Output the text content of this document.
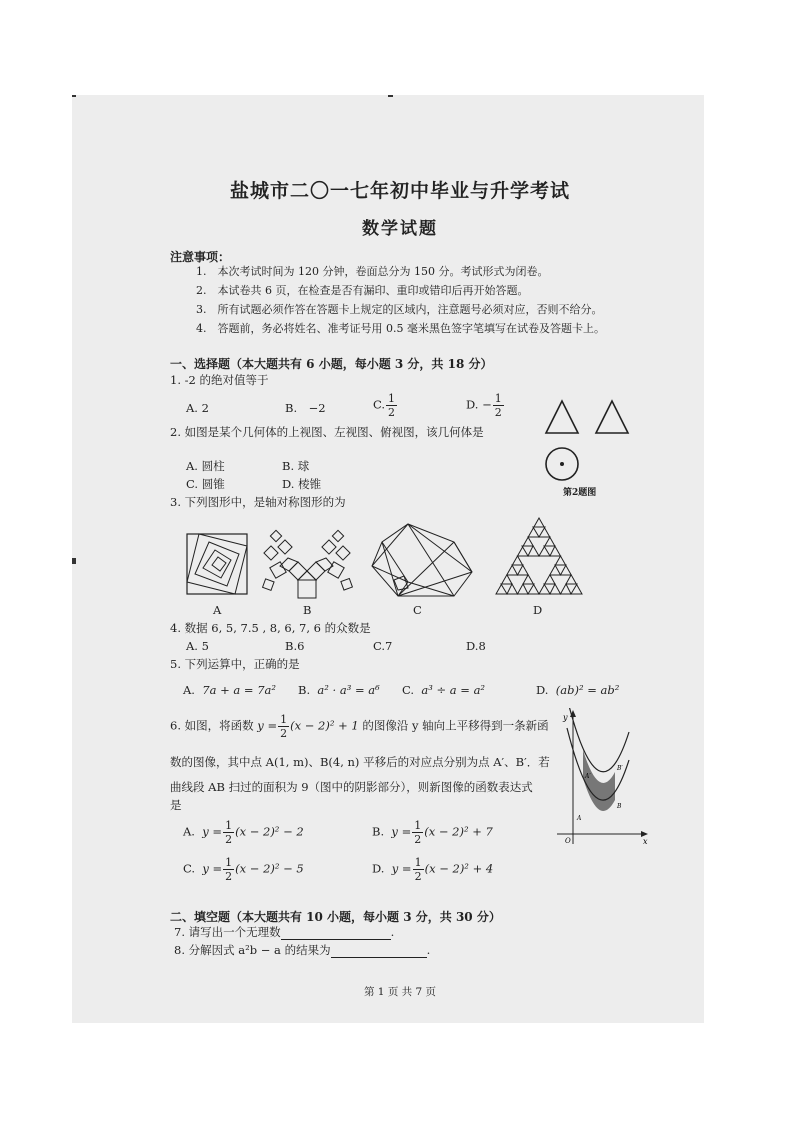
盐城市二〇一七年初中毕业与升学考试
数学试题
注意事项：
1.　本次考试时间为 120 分钟，卷面总分为 150 分。考试形式为闭卷。
2.　本试卷共 6 页，在检查是否有漏印、重印或错印后再开始答题。
3.　所有试题必须作答在答题卡上规定的区域内，注意题号必须对应，否则不给分。
4.　答题前，务必将姓名、准考证号用 0.5 毫米黑色签字笔填写在试卷及答题卡上。
一、选择题（本大题共有 6 小题，每小题 3 分，共 18 分）
1. -2 的绝对值等于
A. 2	B.　−2	C. $\frac{1}{2}$	D. − $\frac{1}{2}$
第2题图
2. 如图是某个几何体的上视图、左视图、俯视图，该几何体是
A. 圆柱	B. 球
C. 圆锥	D. 棱锥
3. 下列图形中，是轴对称图形的为
A	B	C	D
4. 数据 6, 5, 7.5 , 8, 6, 7, 6 的众数是
A. 5	B.6	C.7	D.8
5. 下列运算中，正确的是
A. 7a + a = 7a² B. a² · a³ = a⁶ C. a³ ÷ a = a²	D. (ab)² = ab²
6. 如图，将函数 $y = \frac{1}{2} (x - 2)^2 + 1$ 的图像沿 y 轴向上平移得到一条新函
数的图像，其中点 A(1, m)、B(4, n) 平移后的对应点分别为点 A′、B′．若
曲线段 AB 扫过的面积为 9（图中的阴影部分），则新图像的函数表达式
是
A. $y = \frac{1}{2} (x - 2)^2 - 2$	B. $y = \frac{1}{2} (x - 2)^2 + 7$
C. $y = \frac{1}{2} (x - 2)^2 - 5$	D. $y = \frac{1}{2} (x - 2)^2 + 4$
y
x
O
A
B
A′
B′
二、填空题（本大题共有 10 小题，每小题 3 分，共 30 分）
7. 请写出一个无理数	.
8. 分解因式 a²b − a 的结果为	.
第 1 页 共 7 页
